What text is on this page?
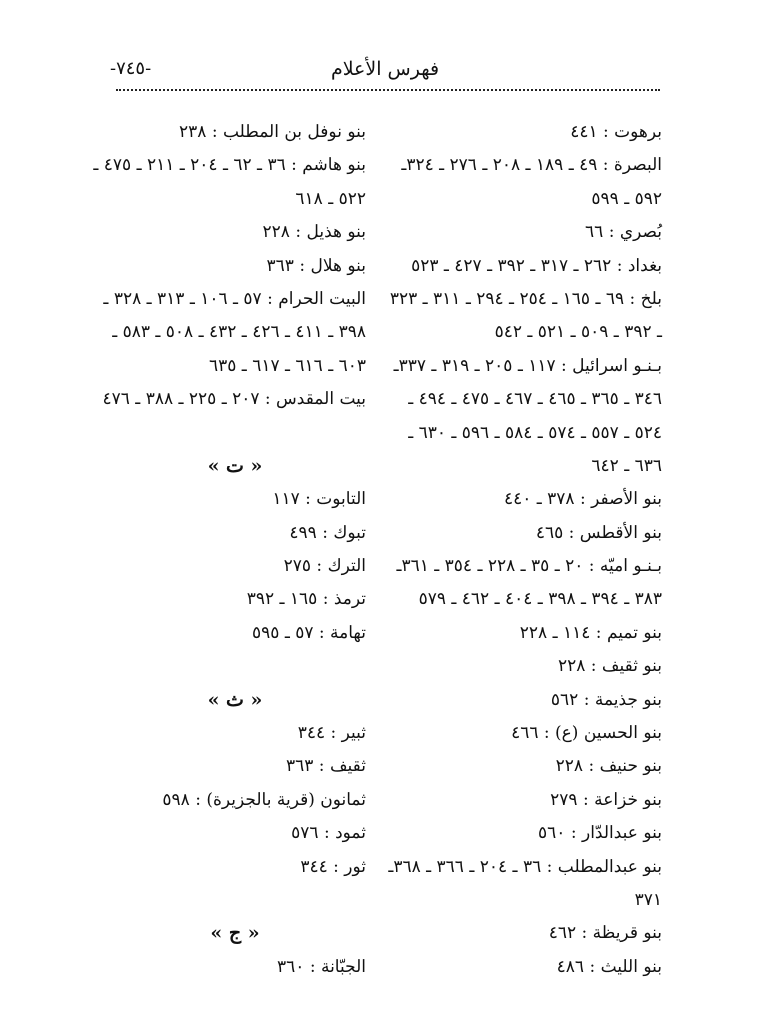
-٧٤٥-	فهرس الأعلام
برهوت : ٤٤١
البصرة : ٤٩ ـ ١٨٩ ـ ٢٠٨ ـ ٢٧٦ ـ ٣٢٤ـ
٥٩٢ ـ ٥٩٩
بُصري : ٦٦
بغداد : ٢٦٢ ـ ٣١٧ ـ ٣٩٢ ـ ٤٢٧ ـ ٥٢٣
بلخ : ٦٩ ـ ١٦٥ ـ ٢٥٤ ـ ٢٩٤ ـ ٣١١ ـ ٣٢٣
ـ ٣٩٢ ـ ٥٠٩ ـ ٥٢١ ـ ٥٤٢
بـنـو اسرائيل : ١١٧ ـ ٢٠٥ ـ ٣١٩ ـ ٣٣٧ـ
٣٤٦ ـ ٣٦٥ ـ ٤٦٥ ـ ٤٦٧ ـ ٤٧٥ ـ ٤٩٤ ـ
٥٢٤ ـ ٥٥٧ ـ ٥٧٤ ـ ٥٨٤ ـ ٥٩٦ ـ ٦٣٠ ـ
٦٣٦ ـ ٦٤٢
بنو الأصفر : ٣٧٨ ـ ٤٤٠
بنو الأقطس : ٤٦٥
بـنـو اميّه : ٢٠ ـ ٣٥ ـ ٢٢٨ ـ ٣٥٤ ـ ٣٦١ـ
٣٨٣ ـ ٣٩٤ ـ ٣٩٨ ـ ٤٠٤ ـ ٤٦٢ ـ ٥٧٩
بنو تميم : ١١٤ ـ ٢٢٨
بنو ثقيف : ٢٢٨
بنو جذيمة : ٥٦٢
بنو الحسين (ع) : ٤٦٦
بنو حنيف : ٢٢٨
بنو خزاعة : ٢٧٩
بنو عبدالدّار : ٥٦٠
بنو عبدالمطلب : ٣٦ ـ ٢٠٤ ـ ٣٦٦ ـ ٣٦٨ـ
٣٧١
بنو قريظة : ٤٦٢
بنو الليث : ٤٨٦
بنو نوفل بن المطلب : ٢٣٨
بنو هاشم : ٣٦ ـ ٦٢ ـ ٢٠٤ ـ ٢١١ ـ ٤٧٥ ـ
٥٢٢ ـ ٦١٨
بنو هذيل : ٢٢٨
بنو هلال : ٣٦٣
البيت الحرام : ٥٧ ـ ١٠٦ ـ ٣١٣ ـ ٣٢٨ ـ
٣٩٨ ـ ٤١١ ـ ٤٢٦ ـ ٤٣٢ ـ ٥٠٨ ـ ٥٨٣ ـ
٦٠٣ ـ ٦١٦ ـ ٦١٧ ـ ٦٣٥
بيت المقدس : ٢٠٧ ـ ٢٢٥ ـ ٣٨٨ ـ ٤٧٦
« ت »
التابوت : ١١٧
تبوك : ٤٩٩
الترك : ٢٧٥
ترمذ : ١٦٥ ـ ٣٩٢
تهامة : ٥٧ ـ ٥٩٥
« ث »
ثبير : ٣٤٤
ثقيف : ٣٦٣
ثمانون (قرية بالجزيرة) : ٥٩٨
ثمود : ٥٧٦
ثور : ٣٤٤
« ج »
الجبّانة : ٣٦٠
